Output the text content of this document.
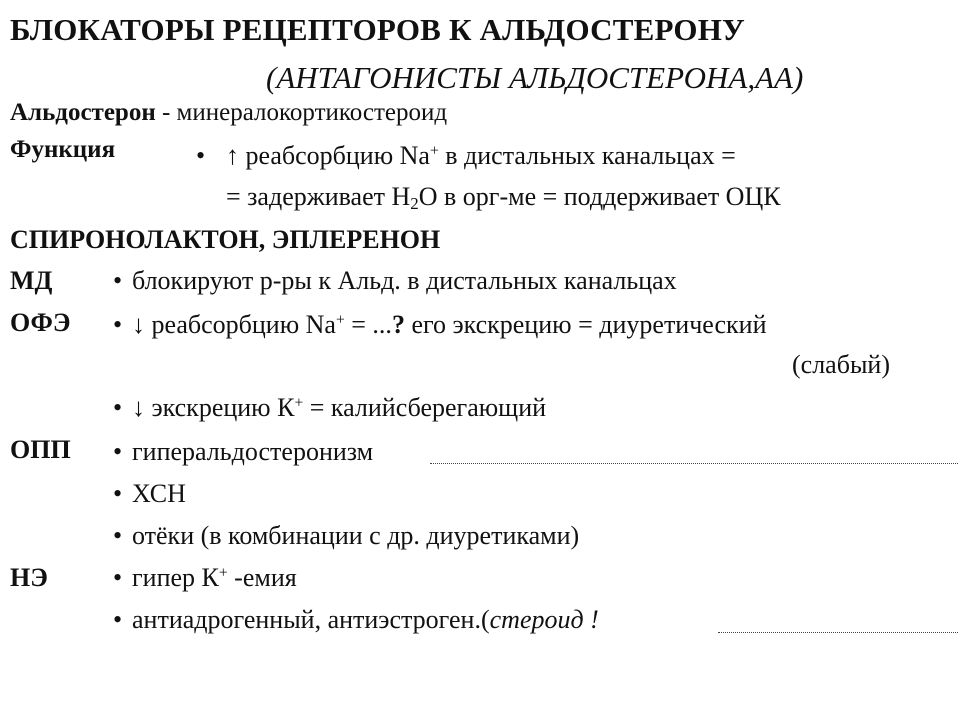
БЛОКАТОРЫ РЕЦЕПТОРОВ К АЛЬДОСТЕРОНУ
(АНТАГОНИСТЫ АЛЬДОСТЕРОНА,АА)
Альдостерон - минералокортикостероид
Функция	• ↑ реабсорбцию Na+ в дистальных канальцах =
= задерживает $Н_2О$ в орг-ме = поддерживает ОЦК
СПИРОНОЛАКТОН, ЭПЛЕРЕНОН
МД • блокируют р-ры к Альд. в дистальных канальцах
ОФЭ • ↓ реабсорбцию Na+ = ...? его экскрецию = диуретический
(слабый)
• ↓ экскрецию К+ = калийсберегающий
ОПП • гиперальдостеронизм
• ХСН
• отёки (в комбинации с др. диуретиками)
НЭ	• гипер К+ -емия
• антиадрогенный, антиэстроген.(стероид !
